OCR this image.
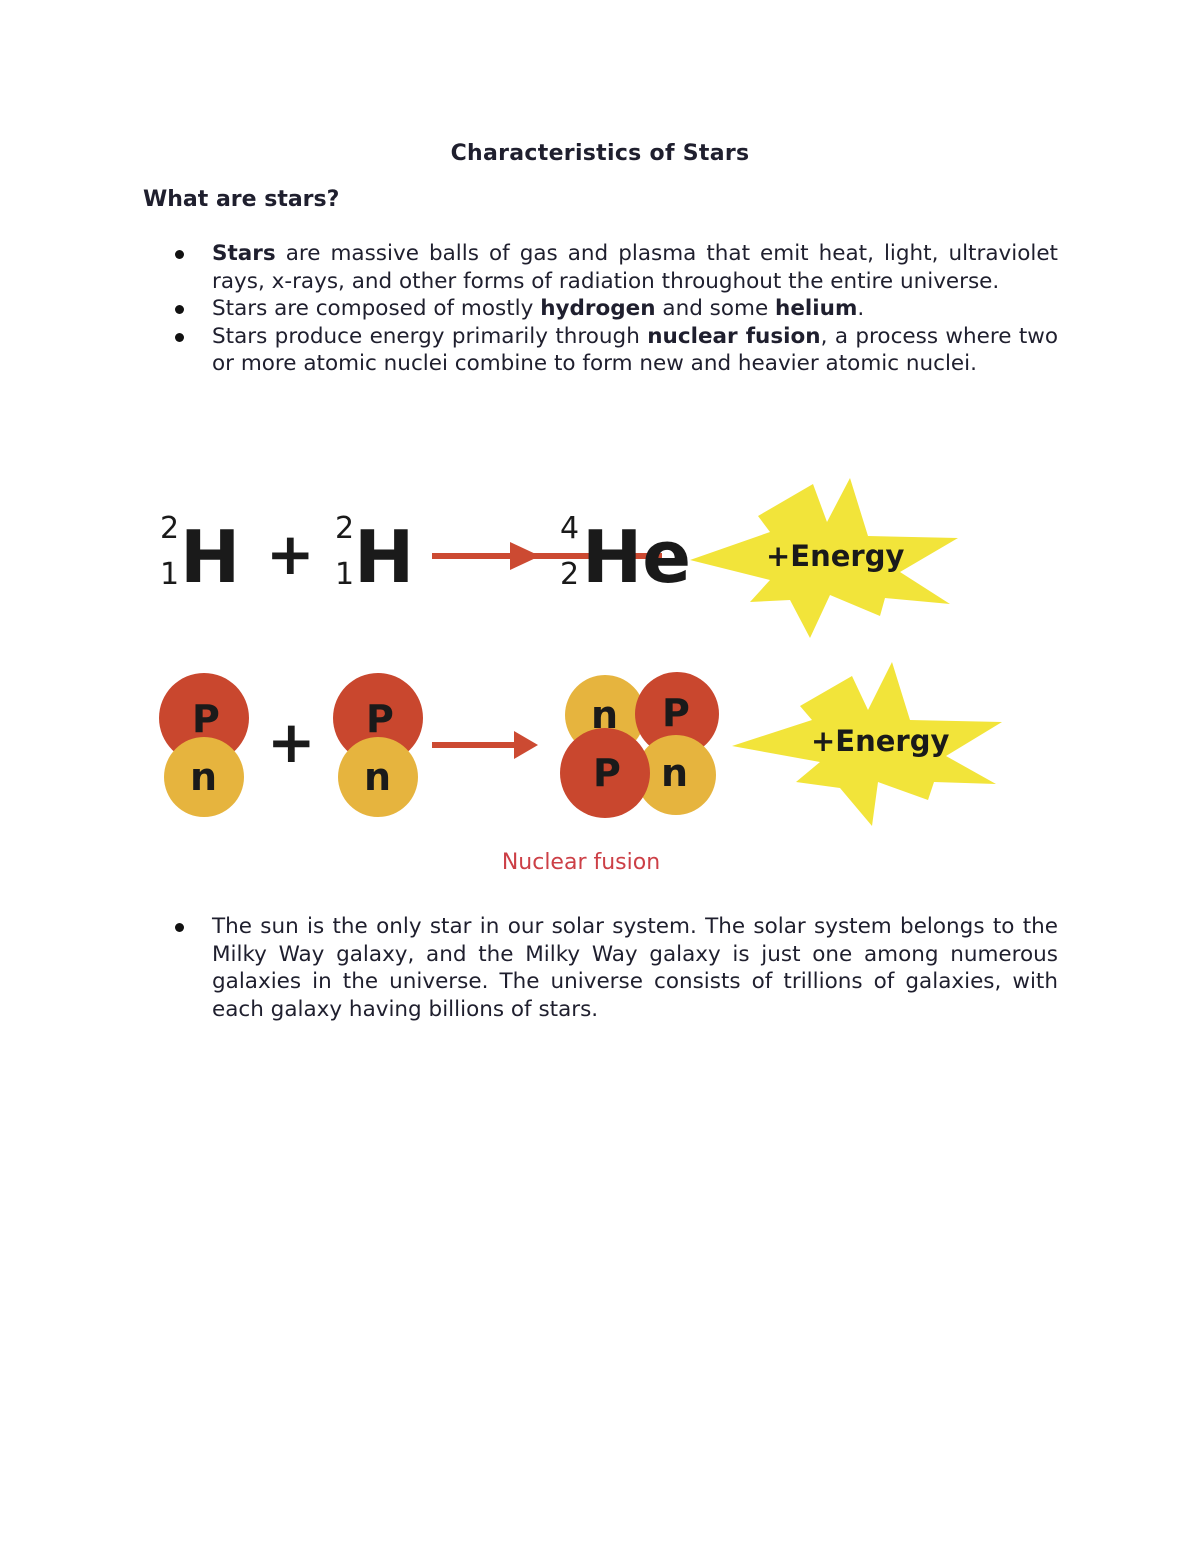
Characteristics of Stars
What are stars?
Stars are massive balls of gas and plasma that emit heat, light, ultraviolet rays, x-rays, and other forms of radiation throughout the entire universe.
Stars are composed of mostly hydrogen and some helium.
Stars produce energy primarily through nuclear fusion, a process where two or more atomic nuclei combine to form new and heavier atomic nuclei.
2
1 H + 2
1 H	4
2 He	+Energy
P
n
+ P
n
n P
n
P
+Energy
Nuclear fusion
The sun is the only star in our solar system. The solar system belongs to the Milky Way galaxy, and the Milky Way galaxy is just one among numerous galaxies in the universe. The universe consists of trillions of galaxies, with each galaxy having billions of stars.
